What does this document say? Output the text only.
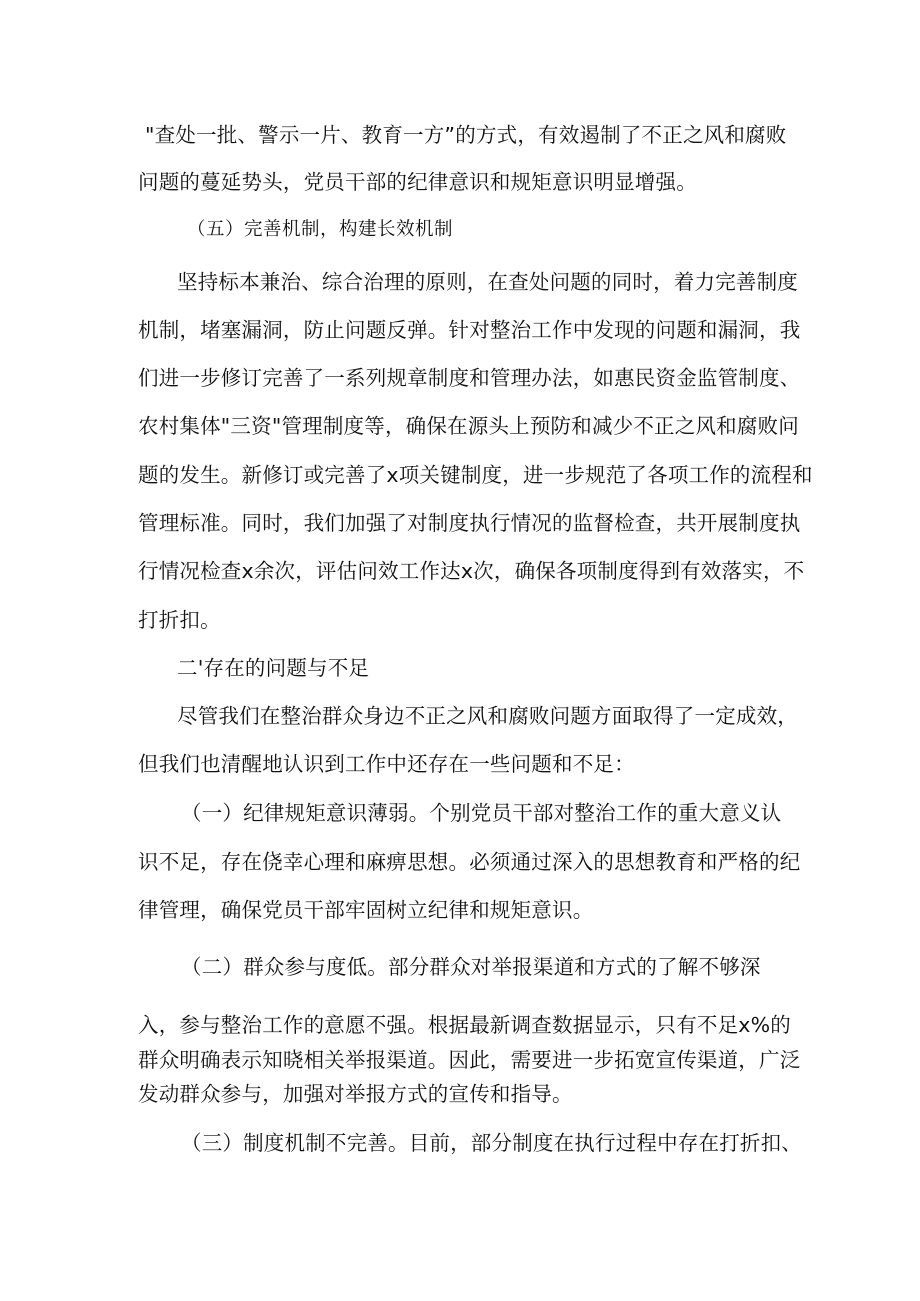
"查处一批、警示一片、教育一方”的方式，有效遏制了不正之风和腐败

问题的蔓延势头，党员干部的纪律意识和规矩意识明显增强。

（五）完善机制，构建长效机制

坚持标本兼治、综合治理的原则，在查处问题的同时，着力完善制度

机制，堵塞漏洞，防止问题反弹。针对整治工作中发现的问题和漏洞，我

们进一步修订完善了一系列规章制度和管理办法，如惠民资金监管制度、

农村集体"三资"管理制度等，确保在源头上预防和减少不正之风和腐败问

题的发生。新修订或完善了x项关键制度，进一步规范了各项工作的流程和

管理标准。同时，我们加强了对制度执行情况的监督检查，共开展制度执

行情况检查x余次，评估问效工作达x次，确保各项制度得到有效落实，不

打折扣。

二'存在的问题与不足

尽管我们在整治群众身边不正之风和腐败问题方面取得了一定成效，

但我们也清醒地认识到工作中还存在一些问题和不足：

（一）纪律规矩意识薄弱。个别党员干部对整治工作的重大意义认

识不足，存在侥幸心理和麻痹思想。必须通过深入的思想教育和严格的纪

律管理，确保党员干部牢固树立纪律和规矩意识。

（二）群众参与度低。部分群众对举报渠道和方式的了解不够深

入，参与整治工作的意愿不强。根据最新调查数据显示，只有不足x%的

群众明确表示知晓相关举报渠道。因此，需要进一步拓宽宣传渠道，广泛

发动群众参与，加强对举报方式的宣传和指导。

（三）制度机制不完善。目前，部分制度在执行过程中存在打折扣、
